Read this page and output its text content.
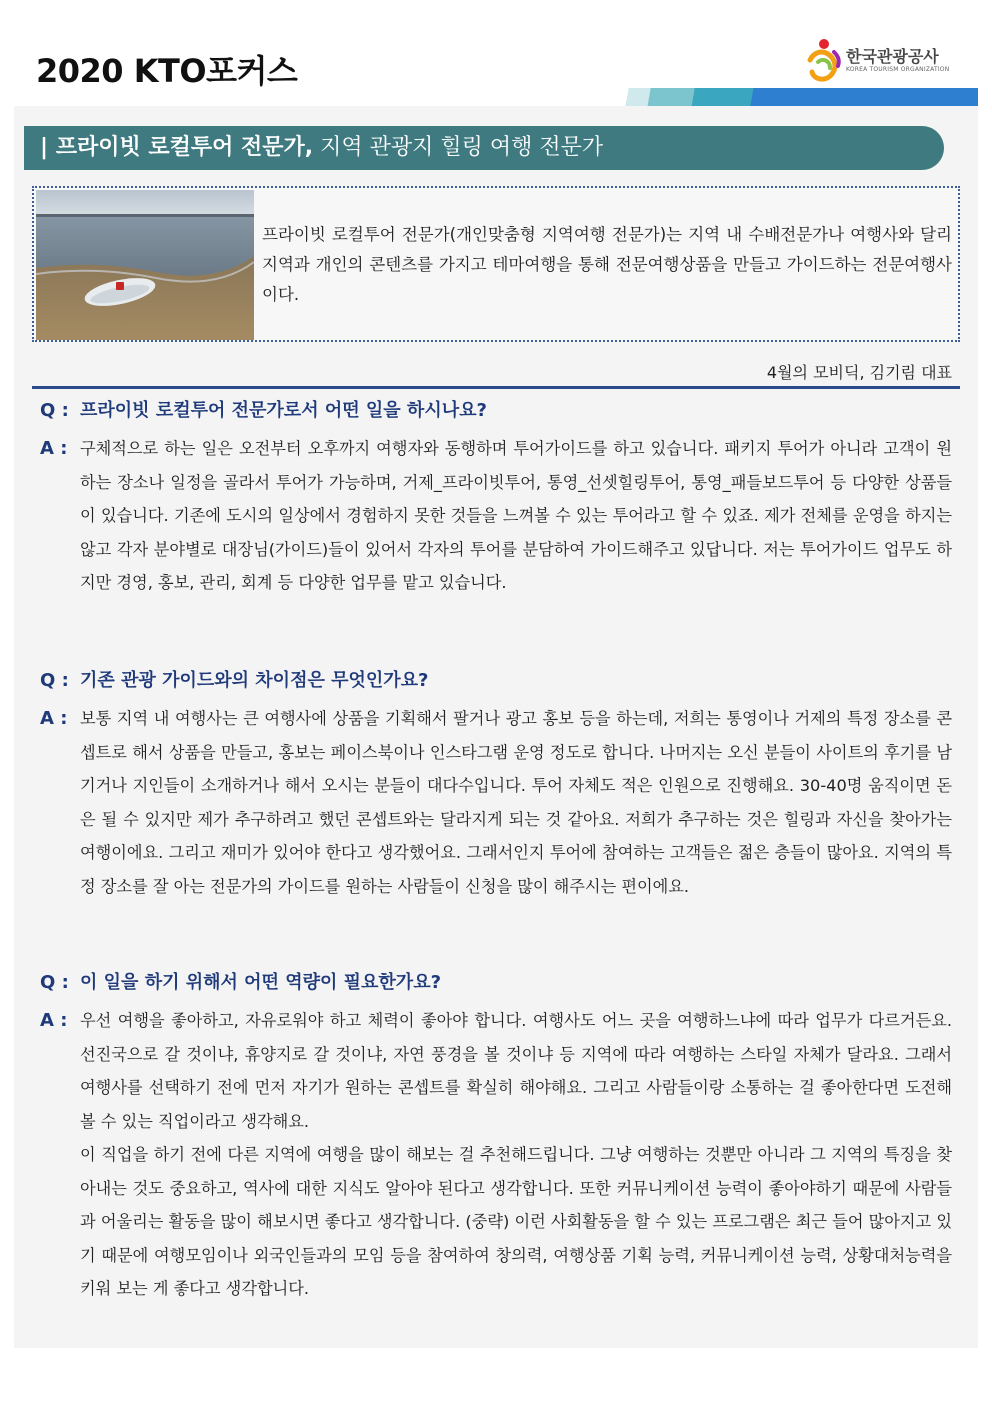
2020 KTO포커스	한국관광공사
KOREA TOURISM ORGANIZATION
| 프라이빗 로컬투어 전문가, 지역 관광지 힐링 여행 전문가
프라이빗 로컬투어 전문가(개인맞춤형 지역여행 전문가)는 지역 내 수배전문가나 여행사와 달리 지역과 개인의 콘텐츠를 가지고 테마여행을 통해 전문여행상품을 만들고 가이드하는 전문여행사이다.
4월의 모비딕, 김기림 대표
Q : 프라이빗 로컬투어 전문가로서 어떤 일을 하시나요?
A : 구체적으로 하는 일은 오전부터 오후까지 여행자와 동행하며 투어가이드를 하고 있습니다. 패키지 투어가 아니라 고객이 원하는 장소나 일정을 골라서 투어가 가능하며, 거제_프라이빗투어, 통영_선셋힐링투어, 통영_패들보드투어 등 다양한 상품들이 있습니다. 기존에 도시의 일상에서 경험하지 못한 것들을 느껴볼 수 있는 투어라고 할 수 있죠. 제가 전체를 운영을 하지는 않고 각자 분야별로 대장님(가이드)들이 있어서 각자의 투어를 분담하여 가이드해주고 있답니다. 저는 투어가이드 업무도 하지만 경영, 홍보, 관리, 회계 등 다양한 업무를 맡고 있습니다.

Q : 기존 관광 가이드와의 차이점은 무엇인가요?
A : 보통 지역 내 여행사는 큰 여행사에 상품을 기획해서 팔거나 광고 홍보 등을 하는데, 저희는 통영이나 거제의 특정 장소를 콘셉트로 해서 상품을 만들고, 홍보는 페이스북이나 인스타그램 운영 정도로 합니다. 나머지는 오신 분들이 사이트의 후기를 남기거나 지인들이 소개하거나 해서 오시는 분들이 대다수입니다. 투어 자체도 적은 인원으로 진행해요. 30-40명 움직이면 돈은 될 수 있지만 제가 추구하려고 했던 콘셉트와는 달라지게 되는 것 같아요. 저희가 추구하는 것은 힐링과 자신을 찾아가는 여행이에요. 그리고 재미가 있어야 한다고 생각했어요. 그래서인지 투어에 참여하는 고객들은 젊은 층들이 많아요. 지역의 특정 장소를 잘 아는 전문가의 가이드를 원하는 사람들이 신청을 많이 해주시는 편이에요.

Q : 이 일을 하기 위해서 어떤 역량이 필요한가요?
A : 우선 여행을 좋아하고, 자유로워야 하고 체력이 좋아야 합니다. 여행사도 어느 곳을 여행하느냐에 따라 업무가 다르거든요. 선진국으로 갈 것이냐, 휴양지로 갈 것이냐, 자연 풍경을 볼 것이냐 등 지역에 따라 여행하는 스타일 자체가 달라요. 그래서 여행사를 선택하기 전에 먼저 자기가 원하는 콘셉트를 확실히 해야해요. 그리고 사람들이랑 소통하는 걸 좋아한다면 도전해볼 수 있는 직업이라고 생각해요.

이 직업을 하기 전에 다른 지역에 여행을 많이 해보는 걸 추천해드립니다. 그냥 여행하는 것뿐만 아니라 그 지역의 특징을 찾아내는 것도 중요하고, 역사에 대한 지식도 알아야 된다고 생각합니다. 또한 커뮤니케이션 능력이 좋아야하기 때문에 사람들과 어울리는 활동을 많이 해보시면 좋다고 생각합니다. (중략) 이런 사회활동을 할 수 있는 프로그램은 최근 들어 많아지고 있기 때문에 여행모임이나 외국인들과의 모임 등을 참여하여 창의력, 여행상품 기획 능력, 커뮤니케이션 능력, 상황대처능력을 키워 보는 게 좋다고 생각합니다.
